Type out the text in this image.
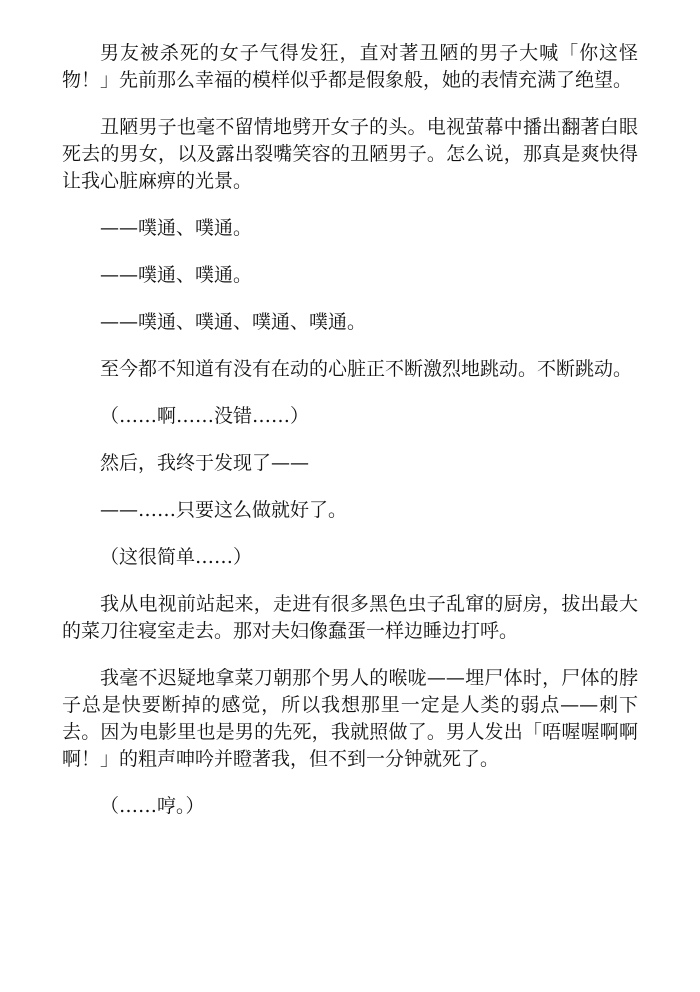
男友被杀死的女子气得发狂，直对著丑陋的男子大喊「你这怪物！」先前那么幸福的模样似乎都是假象般，她的表情充满了绝望。

丑陋男子也毫不留情地劈开女子的头。电视萤幕中播出翻著白眼死去的男女，以及露出裂嘴笑容的丑陋男子。怎么说，那真是爽快得让我心脏麻痹的光景。

——噗通、噗通。

——噗通、噗通。

——噗通、噗通、噗通、噗通。

至今都不知道有没有在动的心脏正不断激烈地跳动。不断跳动。

（……啊……没错……）

然后，我终于发现了——

——……只要这么做就好了。

（这很简单……）

我从电视前站起来，走进有很多黑色虫子乱窜的厨房，拔出最大的菜刀往寝室走去。那对夫妇像蠢蛋一样边睡边打呼。

我毫不迟疑地拿菜刀朝那个男人的喉咙——埋尸体时，尸体的脖子总是快要断掉的感觉，所以我想那里一定是人类的弱点——刺下去。因为电影里也是男的先死，我就照做了。男人发出「唔喔喔啊啊啊！」的粗声呻吟并瞪著我，但不到一分钟就死了。

（……哼。）
